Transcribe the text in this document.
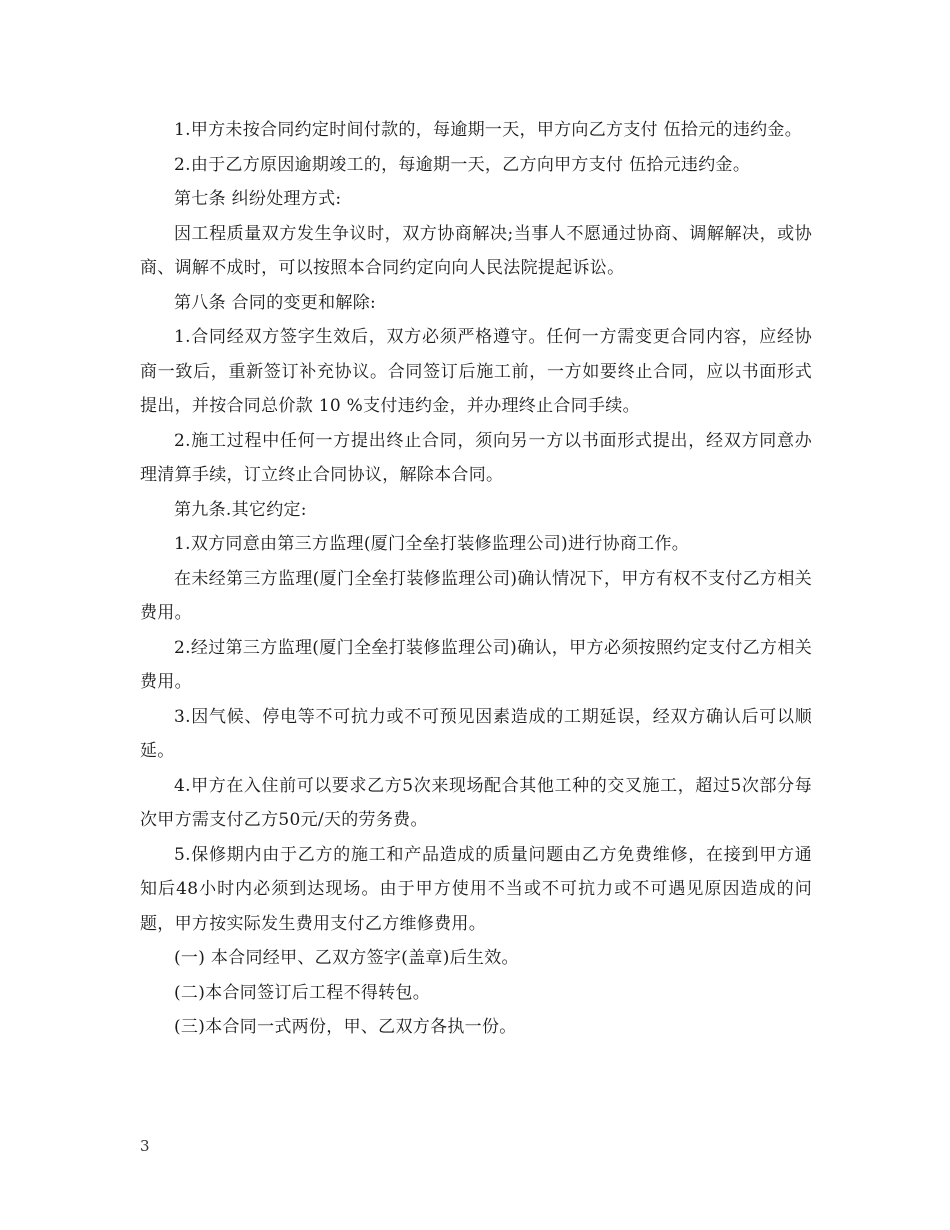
1.甲方未按合同约定时间付款的，每逾期一天，甲方向乙方支付 伍拾元的违约金。

2.由于乙方原因逾期竣工的，每逾期一天，乙方向甲方支付 伍拾元违约金。

第七条 纠纷处理方式:

因工程质量双方发生争议时，双方协商解决;当事人不愿通过协商、调解解决，或协商、调解不成时，可以按照本合同约定向向人民法院提起诉讼。

第八条 合同的变更和解除:

1.合同经双方签字生效后，双方必须严格遵守。任何一方需变更合同内容，应经协商一致后，重新签订补充协议。合同签订后施工前，一方如要终止合同，应以书面形式提出，并按合同总价款 10 %支付违约金，并办理终止合同手续。

2.施工过程中任何一方提出终止合同，须向另一方以书面形式提出，经双方同意办理清算手续，订立终止合同协议，解除本合同。

第九条.其它约定:

1.双方同意由第三方监理(厦门全垒打装修监理公司)进行协商工作。

在未经第三方监理(厦门全垒打装修监理公司)确认情况下，甲方有权不支付乙方相关费用。

2.经过第三方监理(厦门全垒打装修监理公司)确认，甲方必须按照约定支付乙方相关费用。

3.因气候、停电等不可抗力或不可预见因素造成的工期延误，经双方确认后可以顺延。

4.甲方在入住前可以要求乙方5次来现场配合其他工种的交叉施工，超过5次部分每次甲方需支付乙方50元/天的劳务费。

5.保修期内由于乙方的施工和产品造成的质量问题由乙方免费维修，在接到甲方通知后48小时内必须到达现场。由于甲方使用不当或不可抗力或不可遇见原因造成的问题，甲方按实际发生费用支付乙方维修费用。

(一) 本合同经甲、乙双方签字(盖章)后生效。

(二)本合同签订后工程不得转包。

(三)本合同一式两份，甲、乙双方各执一份。

3
